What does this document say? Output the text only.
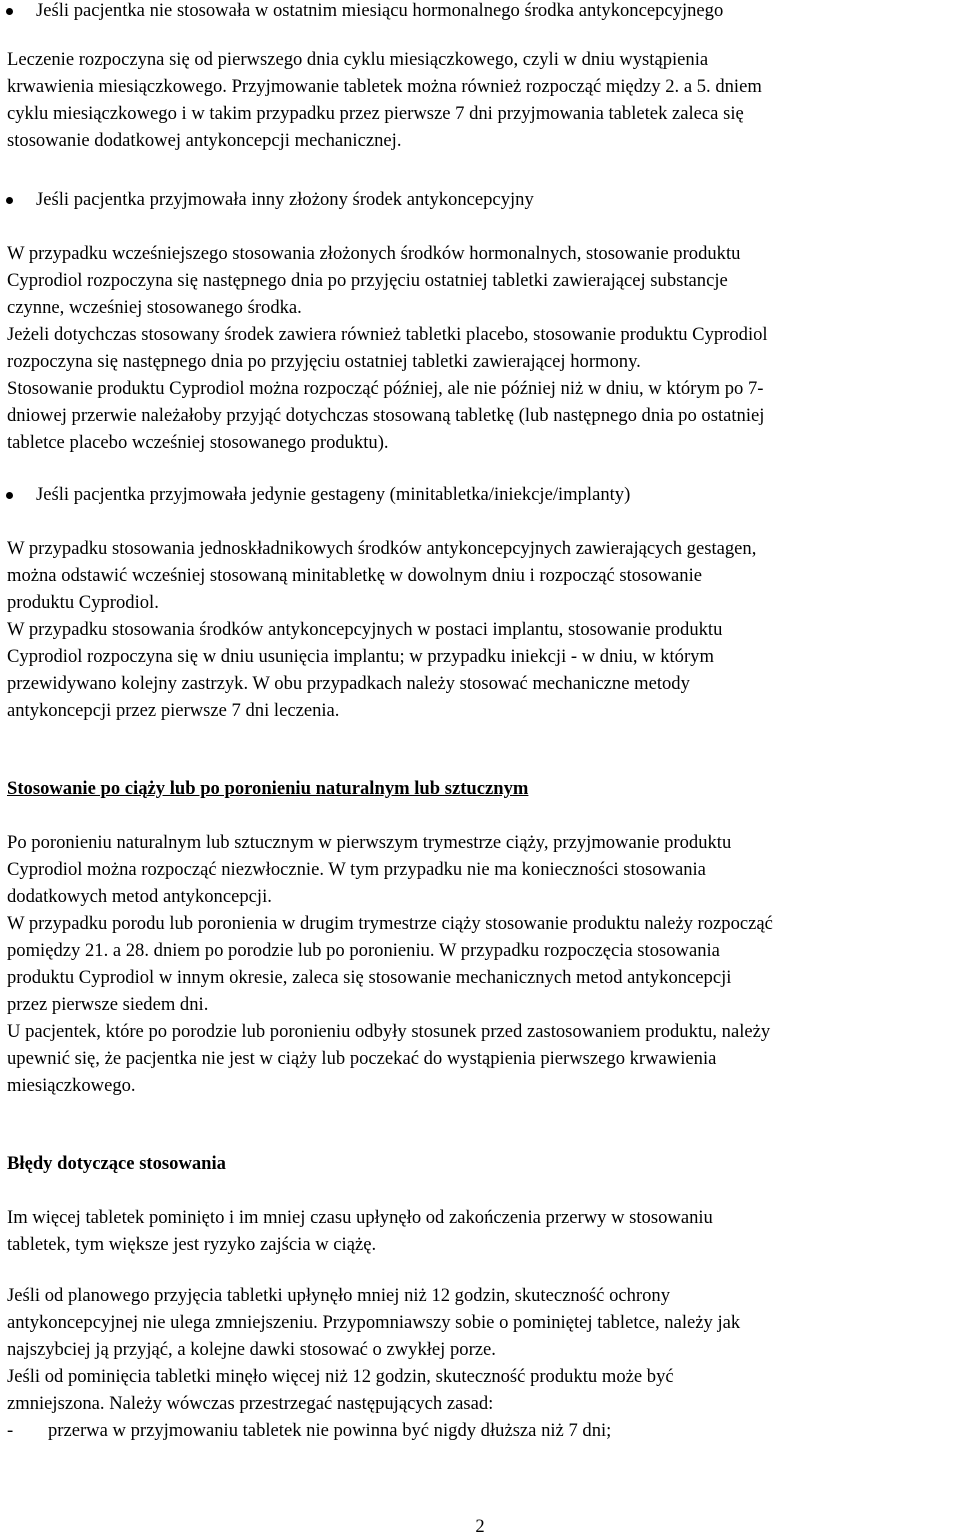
Jeśli pacjentka nie stosowała w ostatnim miesiącu hormonalnego środka antykoncepcyjnego
Leczenie rozpoczyna się od pierwszego dnia cyklu miesiączkowego, czyli w dniu wystąpienia
krwawienia miesiączkowego. Przyjmowanie tabletek można również rozpocząć między 2. a 5. dniem
cyklu miesiączkowego i w takim przypadku przez pierwsze 7 dni przyjmowania tabletek zaleca się
stosowanie dodatkowej antykoncepcji mechanicznej.
Jeśli pacjentka przyjmowała inny złożony środek antykoncepcyjny
W przypadku wcześniejszego stosowania złożonych środków hormonalnych, stosowanie produktu
Cyprodiol rozpoczyna się następnego dnia po przyjęciu ostatniej tabletki zawierającej substancje
czynne, wcześniej stosowanego środka.
Jeżeli dotychczas stosowany środek zawiera również tabletki placebo, stosowanie produktu Cyprodiol
rozpoczyna się następnego dnia po przyjęciu ostatniej tabletki zawierającej hormony.
Stosowanie produktu Cyprodiol można rozpocząć później, ale nie później niż w dniu, w którym po 7-
dniowej przerwie należałoby przyjąć dotychczas stosowaną tabletkę (lub następnego dnia po ostatniej
tabletce placebo wcześniej stosowanego produktu).
Jeśli pacjentka przyjmowała jedynie gestageny (minitabletka/iniekcje/implanty)
W przypadku stosowania jednoskładnikowych środków antykoncepcyjnych zawierających gestagen,
można odstawić wcześniej stosowaną minitabletkę w dowolnym dniu i rozpocząć stosowanie
produktu Cyprodiol.
W przypadku stosowania środków antykoncepcyjnych w postaci implantu, stosowanie produktu
Cyprodiol rozpoczyna się w dniu usunięcia implantu; w przypadku iniekcji - w dniu, w którym
przewidywano kolejny zastrzyk. W obu przypadkach należy stosować mechaniczne metody
antykoncepcji przez pierwsze 7 dni leczenia.
Stosowanie po ciąży lub po poronieniu naturalnym lub sztucznym
Po poronieniu naturalnym lub sztucznym w pierwszym trymestrze ciąży, przyjmowanie produktu
Cyprodiol można rozpocząć niezwłocznie. W tym przypadku nie ma konieczności stosowania
dodatkowych metod antykoncepcji.
W przypadku porodu lub poronienia w drugim trymestrze ciąży stosowanie produktu należy rozpocząć
pomiędzy 21. a 28. dniem po porodzie lub po poronieniu. W przypadku rozpoczęcia stosowania
produktu Cyprodiol w innym okresie, zaleca się stosowanie mechanicznych metod antykoncepcji
przez pierwsze siedem dni.
U pacjentek, które po porodzie lub poronieniu odbyły stosunek przed zastosowaniem produktu, należy
upewnić się, że pacjentka nie jest w ciąży lub poczekać do wystąpienia pierwszego krwawienia
miesiączkowego.
Błędy dotyczące stosowania
Im więcej tabletek pominięto i im mniej czasu upłynęło od zakończenia przerwy w stosowaniu
tabletek, tym większe jest ryzyko zajścia w ciążę.
Jeśli od planowego przyjęcia tabletki upłynęło mniej niż 12 godzin, skuteczność ochrony
antykoncepcyjnej nie ulega zmniejszeniu. Przypomniawszy sobie o pominiętej tabletce, należy jak
najszybciej ją przyjąć, a kolejne dawki stosować o zwykłej porze.
Jeśli od pominięcia tabletki minęło więcej niż 12 godzin, skuteczność produktu może być
zmniejszona. Należy wówczas przestrzegać następujących zasad:
- przerwa w przyjmowaniu tabletek nie powinna być nigdy dłuższa niż 7 dni;
2
